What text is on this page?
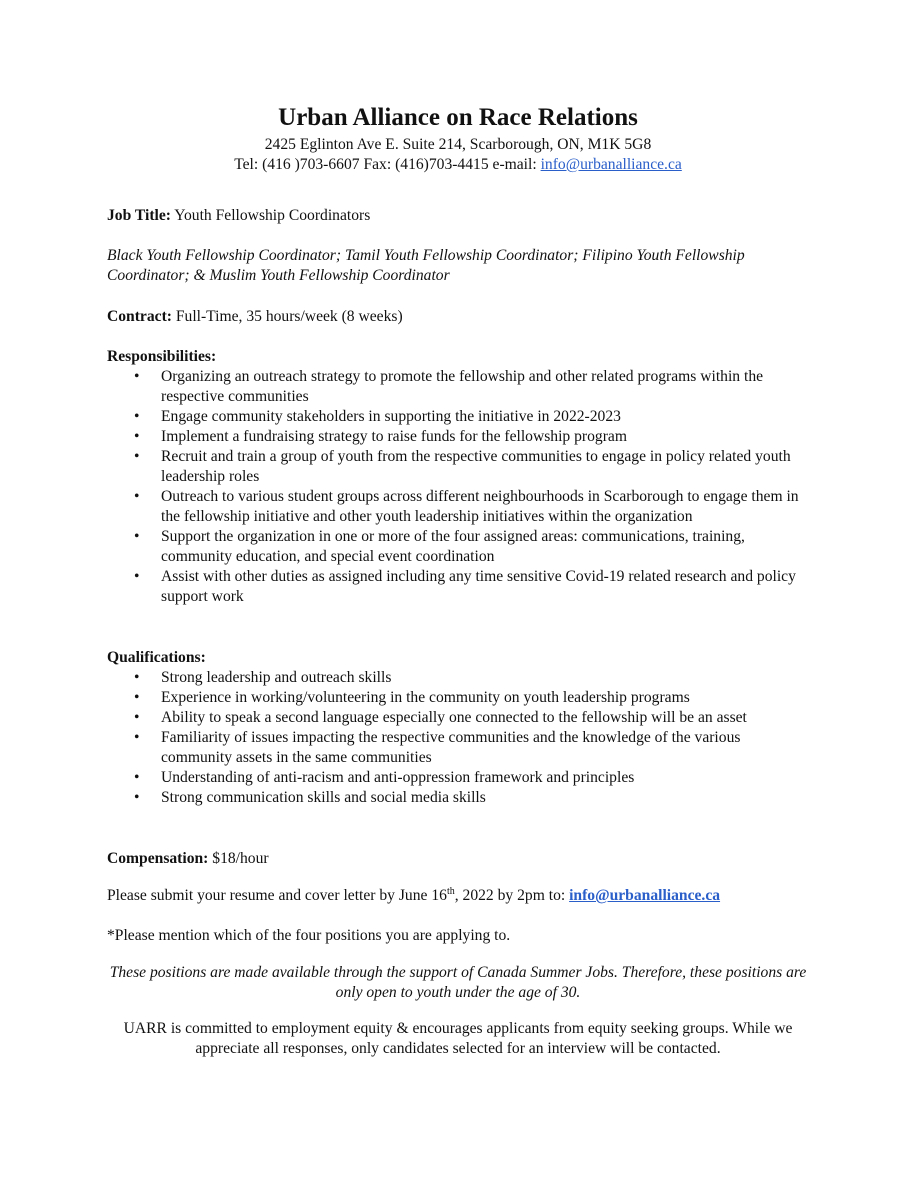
Urban Alliance on Race Relations

2425 Eglinton Ave E. Suite 214, Scarborough, ON, M1K 5G8

Tel: (416 )703-6607 Fax: (416)703-4415 e-mail: info@urbanalliance.ca

Job Title: Youth Fellowship Coordinators

Black Youth Fellowship Coordinator; Tamil Youth Fellowship Coordinator; Filipino Youth Fellowship Coordinator; & Muslim Youth Fellowship Coordinator

Contract: Full-Time, 35 hours/week (8 weeks)

Responsibilities:

• Organizing an outreach strategy to promote the fellowship and other related programs within the respective communities
• Engage community stakeholders in supporting the initiative in 2022-2023
• Implement a fundraising strategy to raise funds for the fellowship program
• Recruit and train a group of youth from the respective communities to engage in policy related youth leadership roles
• Outreach to various student groups across different neighbourhoods in Scarborough to engage them in the fellowship initiative and other youth leadership initiatives within the organization
• Support the organization in one or more of the four assigned areas: communications, training, community education, and special event coordination
• Assist with other duties as assigned including any time sensitive Covid-19 related research and policy support work

Qualifications:

• Strong leadership and outreach skills
• Experience in working/volunteering in the community on youth leadership programs
• Ability to speak a second language especially one connected to the fellowship will be an asset
• Familiarity of issues impacting the respective communities and the knowledge of the various community assets in the same communities
• Understanding of anti-racism and anti-oppression framework and principles
• Strong communication skills and social media skills

Compensation: $18/hour

Please submit your resume and cover letter by June 16th, 2022 by 2pm to: info@urbanalliance.ca

*Please mention which of the four positions you are applying to.

These positions are made available through the support of Canada Summer Jobs. Therefore, these positions are only open to youth under the age of 30.

UARR is committed to employment equity & encourages applicants from equity seeking groups. While we appreciate all responses, only candidates selected for an interview will be contacted.
